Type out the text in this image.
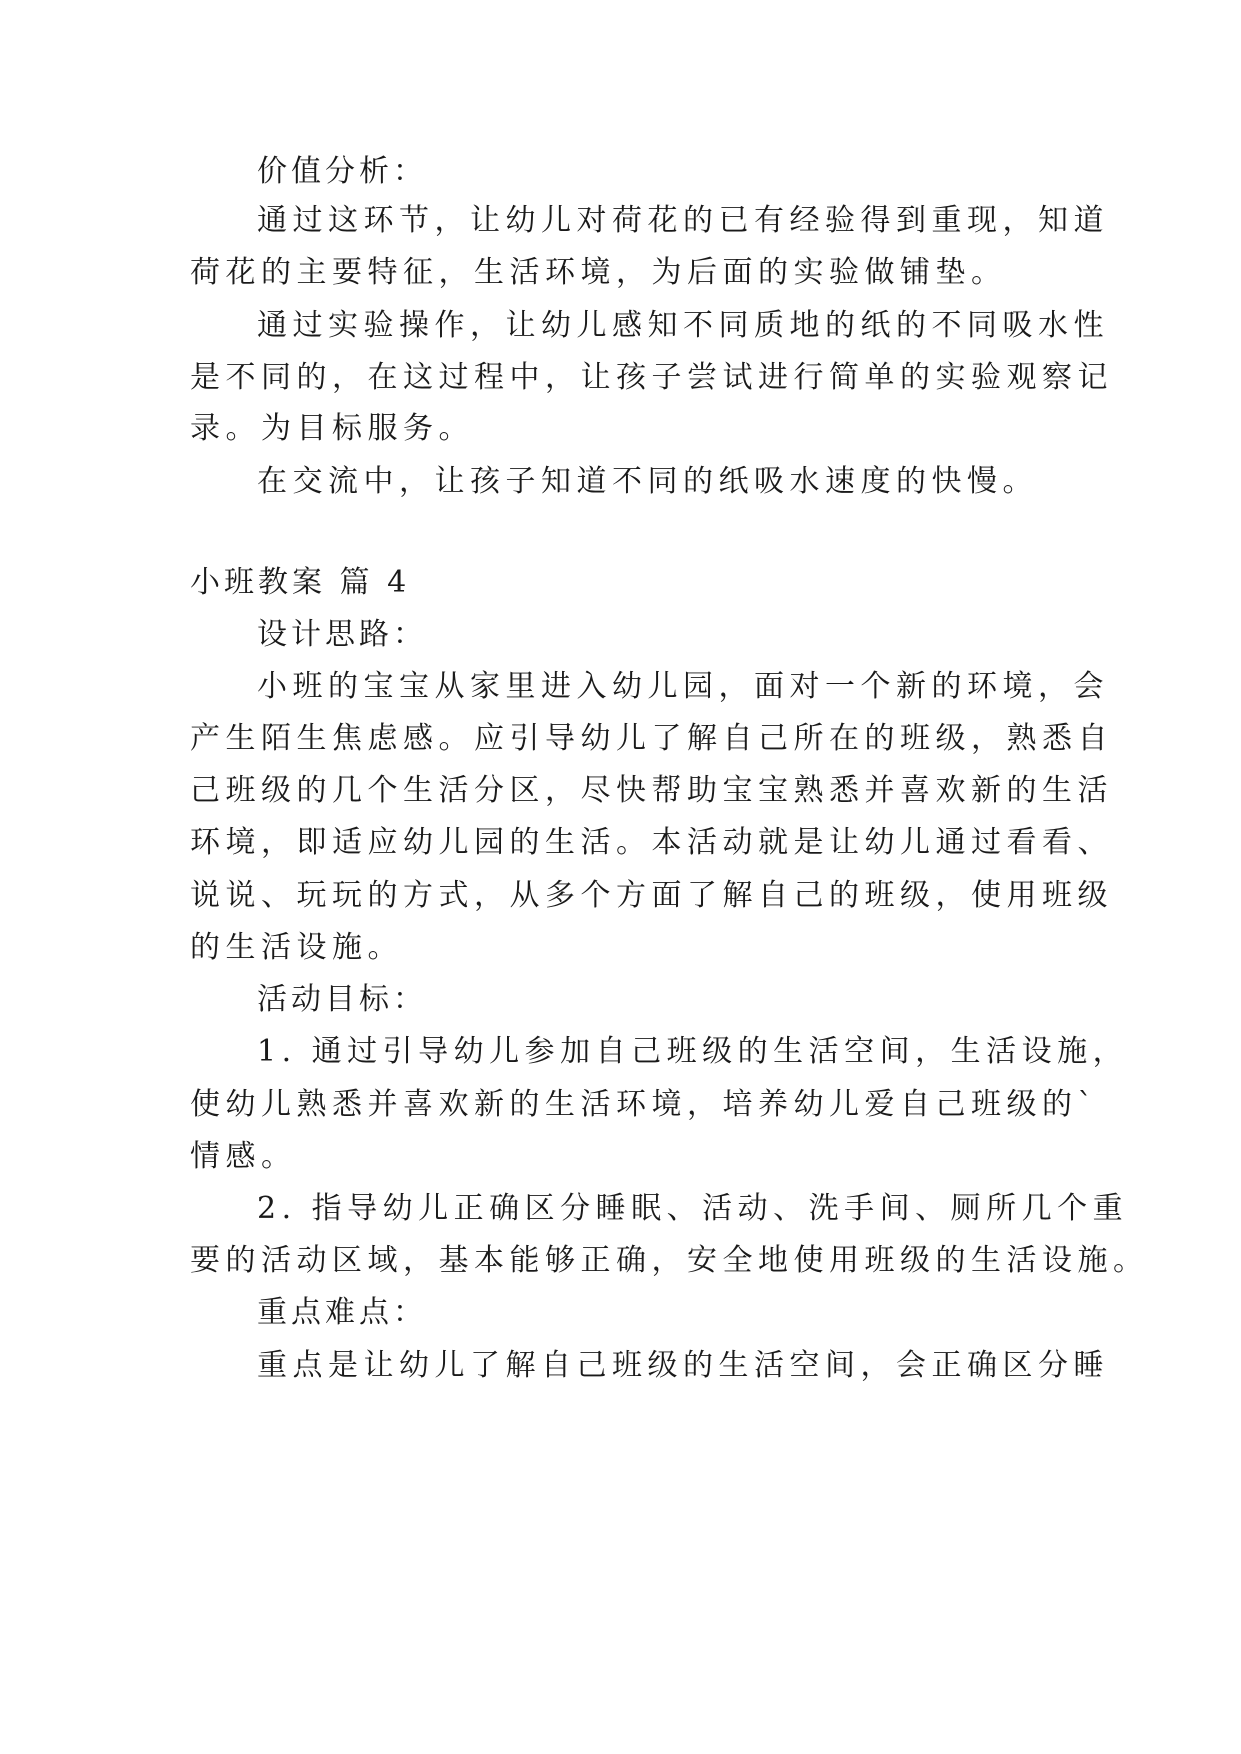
价值分析：
通过这环节，让幼儿对荷花的已有经验得到重现，知道
荷花的主要特征，生活环境，为后面的实验做铺垫。
通过实验操作，让幼儿感知不同质地的纸的不同吸水性
是不同的，在这过程中，让孩子尝试进行简单的实验观察记
录。为目标服务。
在交流中，让孩子知道不同的纸吸水速度的快慢。
小班教案 篇 4
设计思路：
小班的宝宝从家里进入幼儿园，面对一个新的环境，会
产生陌生焦虑感。应引导幼儿了解自己所在的班级，熟悉自
己班级的几个生活分区，尽快帮助宝宝熟悉并喜欢新的生活
环境，即适应幼儿园的生活。本活动就是让幼儿通过看看、
说说、玩玩的方式，从多个方面了解自己的班级，使用班级
的生活设施。
活动目标：
1. 通过引导幼儿参加自己班级的生活空间，生活设施，
使幼儿熟悉并喜欢新的生活环境，培养幼儿爱自己班级的`
情感。
2. 指导幼儿正确区分睡眠、活动、洗手间、厕所几个重
要的活动区域，基本能够正确，安全地使用班级的生活设施。
重点难点：
重点是让幼儿了解自己班级的生活空间，会正确区分睡
